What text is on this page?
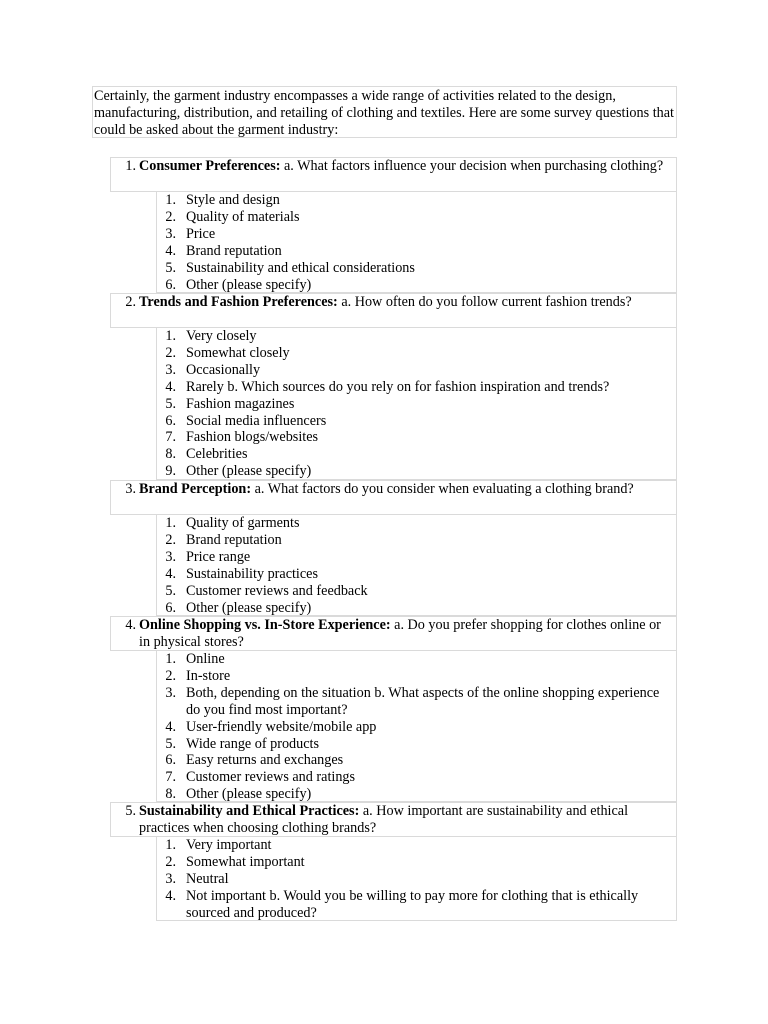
Certainly, the garment industry encompasses a wide range of activities related to the design, manufacturing, distribution, and retailing of clothing and textiles. Here are some survey questions that could be asked about the garment industry:
1. Consumer Preferences: a. What factors influence your decision when purchasing clothing?
1. Style and design
2. Quality of materials
3. Price
4. Brand reputation
5. Sustainability and ethical considerations
6. Other (please specify)
2. Trends and Fashion Preferences: a. How often do you follow current fashion trends?
1. Very closely
2. Somewhat closely
3. Occasionally
4. Rarely b. Which sources do you rely on for fashion inspiration and trends?
5. Fashion magazines
6. Social media influencers
7. Fashion blogs/websites
8. Celebrities
9. Other (please specify)
3. Brand Perception: a. What factors do you consider when evaluating a clothing brand?
1. Quality of garments
2. Brand reputation
3. Price range
4. Sustainability practices
5. Customer reviews and feedback
6. Other (please specify)
4. Online Shopping vs. In-Store Experience: a. Do you prefer shopping for clothes online or in physical stores?
1. Online
2. In-store
3. Both, depending on the situation b. What aspects of the online shopping experience do you find most important?
4. User-friendly website/mobile app
5. Wide range of products
6. Easy returns and exchanges
7. Customer reviews and ratings
8. Other (please specify)
5. Sustainability and Ethical Practices: a. How important are sustainability and ethical practices when choosing clothing brands?
1. Very important
2. Somewhat important
3. Neutral
4. Not important b. Would you be willing to pay more for clothing that is ethically sourced and produced?
